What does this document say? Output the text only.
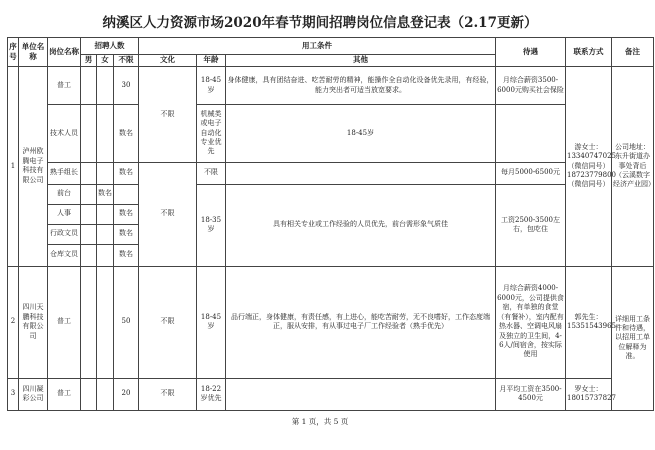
纳溪区人力资源市场2020年春节期间招聘岗位信息登记表（2.17更新）
序号	单位名称	岗位名称	招聘人数			用工条件			待遇	联系方式	备注	
			男	女	不限	文化	年龄	其他				
1	泸州欧腾电子科技有限公司	普工			30	不限	18-45岁	身体健康，具有团结奋进、吃苦耐劳的精神，能操作全自动化设备优先录用，有经验，能力突出者可适当放宽要求。	月综合薪资3500-6000元购买社会保险	游女士：13340747025（微信同号）18723779800（微信同号）	公司地址：东升街道办事处背后（云溪数字经济产业园）	
		技术人员			数名		机械类或电子自动化专业优先	18-45岁		
		熟手组长			数名	不限	不限		每月5000-6500元			
		前台		数名			18-35岁	具有相关专业或工作经验的人员优先，前台需形象气质佳	工资2500-3500左右，包吃住			
		人事			数名							
		行政文员			数名							
		仓库文员			数名							
2	四川天鹏科技有限公司	普工			50	不限	18-45岁	品行端正，身体健康，有责任感，有上进心，能吃苦耐劳，无不良嗜好，工作态度端正，服从安排，有从事过电子厂工作经验者（熟手优先）	月综合薪资4000-6000元，公司提供食宿，有单独的食堂（有餐补），室内配有热水器、空调电风扇及独立的卫生间，4-6人/间宿舍，按实际使用	郭先生：15351543965	详细用工条件和待遇，以招用工单位解释为准。	
3	四川凝彩公司	普工			20	不限	18-22岁优先		月平均工资在3500-4500元	罗女士：18015737827		
第 1 页，共 5 页
